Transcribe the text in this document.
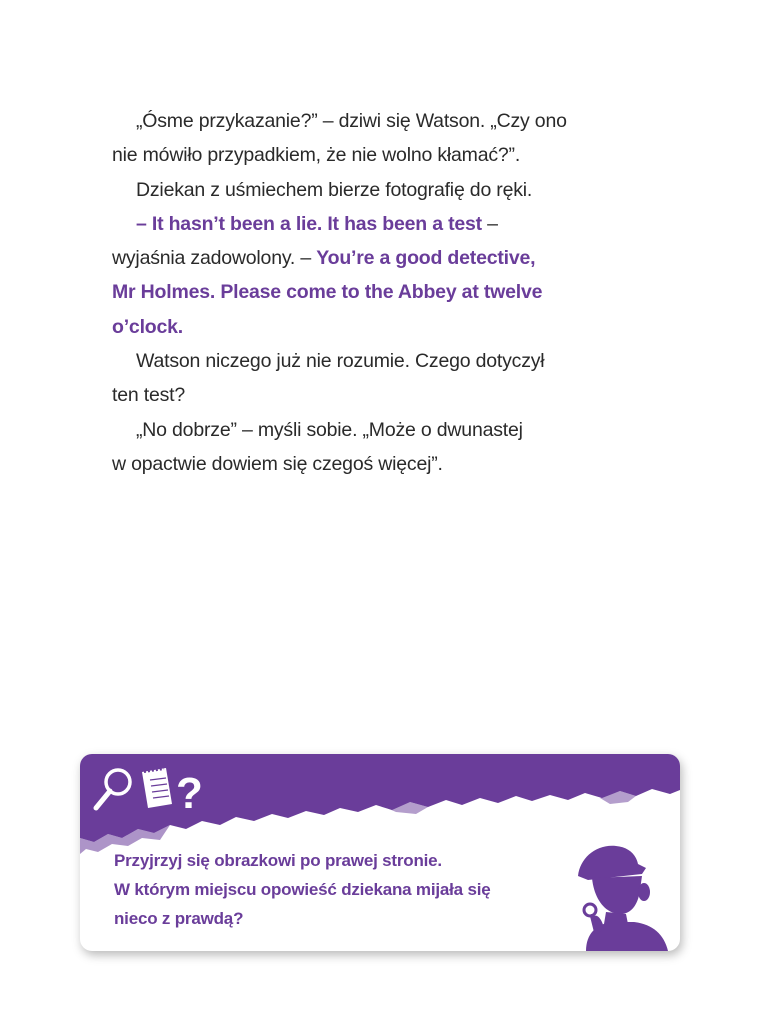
„Ósme przykazanie?” – dziwi się Watson. „Czy ono
nie mówiło przypadkiem, że nie wolno kłamać?”.
Dziekan z uśmiechem bierze fotografię do ręki.
– It hasn’t been a lie. It has been a test –
wyjaśnia zadowolony. – You’re a good detective,
Mr Holmes. Please come to the Abbey at twelve
o’clock.
Watson niczego już nie rozumie. Czego dotyczył
ten test?
„No dobrze” – myśli sobie. „Może o dwunastej
w opactwie dowiem się czegoś więcej”.
?
Przyjrzyj się obrazkowi po prawej stronie.
W którym miejscu opowieść dziekana mijała się
nieco z prawdą?
